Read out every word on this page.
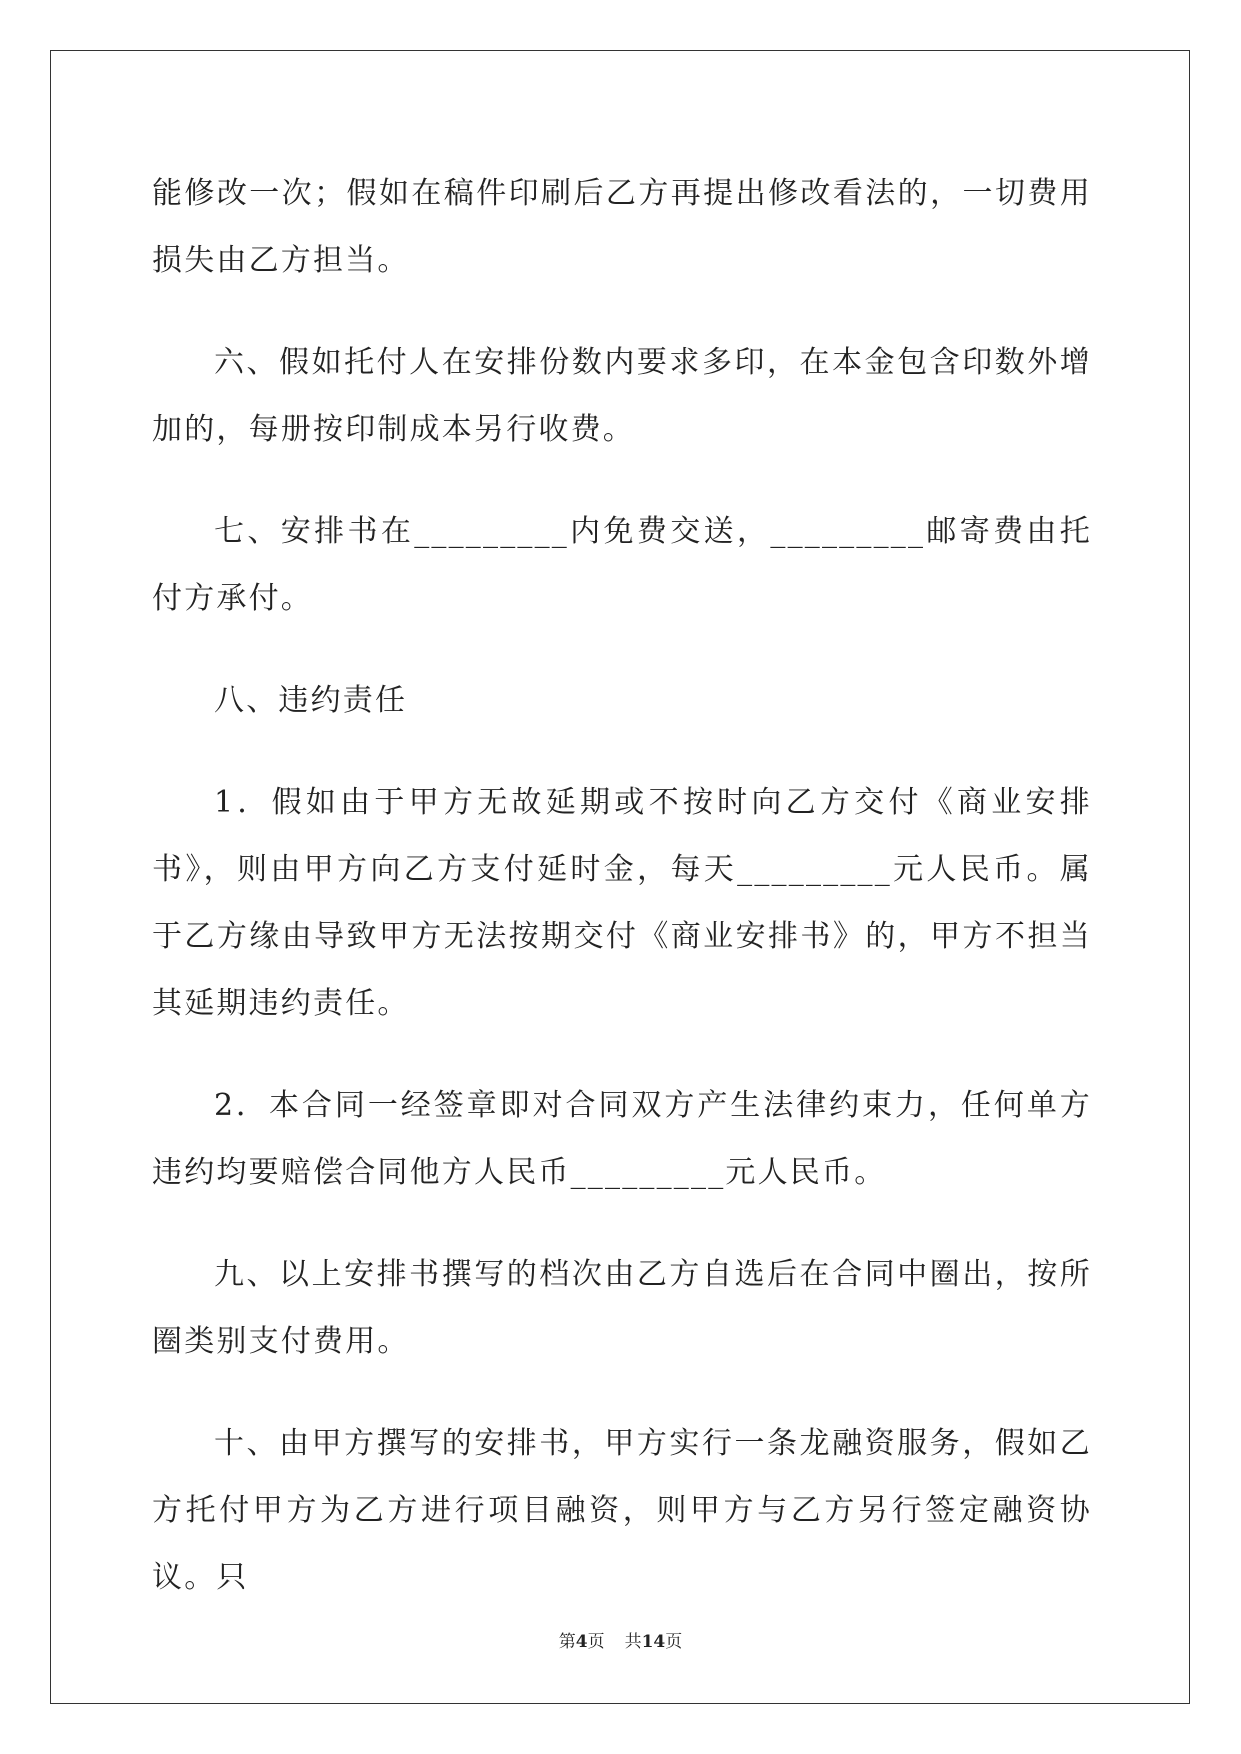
能修改一次；假如在稿件印刷后乙方再提出修改看法的，一切费用损失由乙方担当。

六、假如托付人在安排份数内要求多印，在本金包含印数外增加的，每册按印制成本另行收费。

七、安排书在_________内免费交送，_________邮寄费由托付方承付。

八、违约责任

1．假如由于甲方无故延期或不按时向乙方交付《商业安排书》，则由甲方向乙方支付延时金，每天_________元人民币。属于乙方缘由导致甲方无法按期交付《商业安排书》的，甲方不担当其延期违约责任。

2．本合同一经签章即对合同双方产生法律约束力，任何单方违约均要赔偿合同他方人民币_________元人民币。

九、以上安排书撰写的档次由乙方自选后在合同中圈出，按所圈类别支付费用。

十、由甲方撰写的安排书，甲方实行一条龙融资服务，假如乙方托付甲方为乙方进行项目融资，则甲方与乙方另行签定融资协议。只

第4页 共14页
